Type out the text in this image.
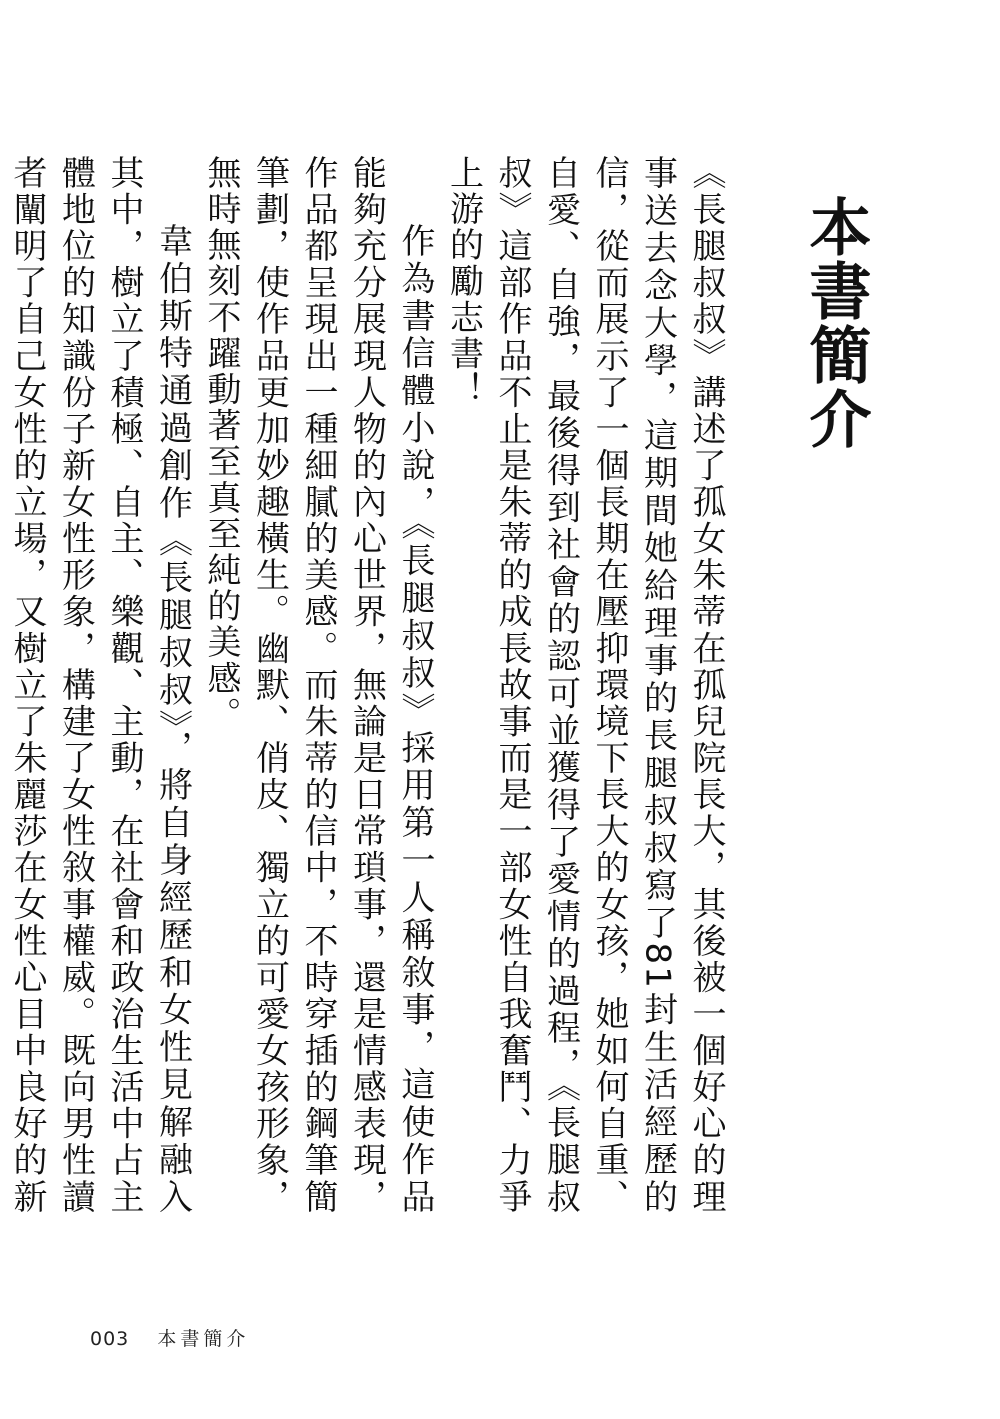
本書簡介

《長腿叔叔》講述了孤女朱蒂在孤兒院長大，其後被一個好心的理事送去念大學，這期間她給理事的長腿叔叔寫了81封生活經歷的信，從而展示了一個長期在壓抑環境下長大的女孩，她如何自重、自愛、自強，最後得到社會的認可並獲得了愛情的過程，《長腿叔叔》這部作品不止是朱蒂的成長故事而是一部女性自我奮鬥、力爭上游的勵志書！

作為書信體小說，《長腿叔叔》採用第一人稱敘事，這使作品能夠充分展現人物的內心世界，無論是日常瑣事，還是情感表現，作品都呈現出一種細膩的美感。而朱蒂的信中，不時穿插的鋼筆簡筆劃，使作品更加妙趣橫生。幽默、俏皮、獨立的可愛女孩形象，無時無刻不躍動著至真至純的美感。

韋伯斯特通過創作《長腿叔叔》，將自身經歷和女性見解融入其中，樹立了積極、自主、樂觀、主動，在社會和政治生活中占主體地位的知識份子新女性形象，構建了女性敘事權威。既向男性讀者闡明了自己女性的立場，又樹立了朱麗莎在女性心目中良好的新

003 本書簡介
